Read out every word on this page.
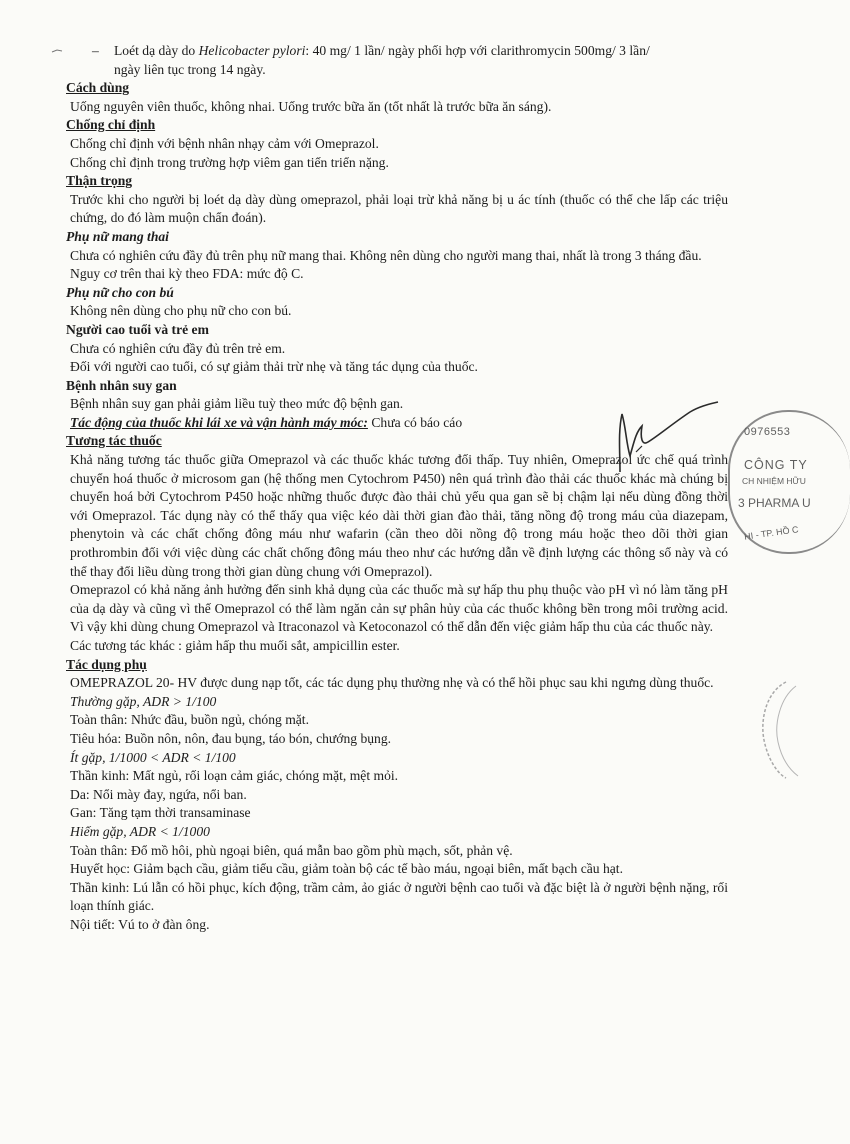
–	Loét dạ dày do Helicobacter pylori: 40 mg/ 1 lần/ ngày phối hợp với clarithromycin 500mg/ 3 lần/
ngày liên tục trong 14 ngày.

Cách dùng

Uống nguyên viên thuốc, không nhai. Uống trước bữa ăn (tốt nhất là trước bữa ăn sáng).

Chống chỉ định

Chống chỉ định với bệnh nhân nhạy cảm với Omeprazol.

Chống chỉ định trong trường hợp viêm gan tiến triển nặng.

Thận trọng

Trước khi cho người bị loét dạ dày dùng omeprazol, phải loại trừ khả năng bị u ác tính (thuốc có thể che lấp các triệu chứng, do đó làm muộn chẩn đoán).

Phụ nữ mang thai

Chưa có nghiên cứu đầy đủ trên phụ nữ mang thai. Không nên dùng cho người mang thai, nhất là trong 3 tháng đầu.

Nguy cơ trên thai kỳ theo FDA: mức độ C.

Phụ nữ cho con bú

Không nên dùng cho phụ nữ cho con bú.

Người cao tuổi và trẻ em

Chưa có nghiên cứu đầy đủ trên trẻ em.

Đối với người cao tuổi, có sự giảm thải trừ nhẹ và tăng tác dụng của thuốc.

Bệnh nhân suy gan

Bệnh nhân suy gan phải giảm liều tuỳ theo mức độ bệnh gan.

Tác động của thuốc khi lái xe và vận hành máy móc: Chưa có báo cáo

Tương tác thuốc

Khả năng tương tác thuốc giữa Omeprazol và các thuốc khác tương đối thấp. Tuy nhiên, Omeprazol ức chế quá trình chuyển hoá thuốc ở microsom gan (hệ thống men Cytochrom P450) nên quá trình đào thải các thuốc khác mà chúng bị chuyển hoá bởi Cytochrom P450 hoặc những thuốc được đào thải chủ yếu qua gan sẽ bị chậm lại nếu dùng đồng thời với Omeprazol. Tác dụng này có thể thấy qua việc kéo dài thời gian đào thải, tăng nồng độ trong máu của diazepam, phenytoin và các chất chống đông máu như wafarin (cần theo dõi nồng độ trong máu hoặc theo dõi thời gian prothrombin đối với việc dùng các chất chống đông máu theo như các hướng dẫn về định lượng các thông số này và có thể thay đổi liều dùng trong thời gian dùng chung với Omeprazol).

Omeprazol có khả năng ảnh hưởng đến sinh khả dụng của các thuốc mà sự hấp thu phụ thuộc vào pH vì nó làm tăng pH của dạ dày và cũng vì thế Omeprazol có thể làm ngăn cản sự phân hủy của các thuốc không bền trong môi trường acid. Vì vậy khi dùng chung Omeprazol và Itraconazol và Ketoconazol có thể dẫn đến việc giảm hấp thu của các thuốc này.

Các tương tác khác : giảm hấp thu muối sắt, ampicillin ester.

Tác dụng phụ

OMEPRAZOL 20- HV được dung nạp tốt, các tác dụng phụ thường nhẹ và có thể hồi phục sau khi ngưng dùng thuốc.

Thường gặp, ADR > 1/100

Toàn thân: Nhức đầu, buồn ngủ, chóng mặt.

Tiêu hóa: Buồn nôn, nôn, đau bụng, táo bón, chướng bụng.

Ít gặp, 1/1000 < ADR < 1/100

Thần kinh: Mất ngủ, rối loạn cảm giác, chóng mặt, mệt mỏi.

Da: Nổi mày đay, ngứa, nổi ban.

Gan: Tăng tạm thời transaminase

Hiếm gặp, ADR < 1/1000

Toàn thân: Đổ mồ hôi, phù ngoại biên, quá mẫn bao gồm phù mạch, sốt, phản vệ.

Huyết học: Giảm bạch cầu, giảm tiểu cầu, giảm toàn bộ các tế bào máu, ngoại biên, mất bạch cầu hạt.

Thần kinh: Lú lẫn có hồi phục, kích động, trầm cảm, ảo giác ở người bệnh cao tuổi và đặc biệt là ở người bệnh nặng, rối loạn thính giác.

Nội tiết: Vú to ở đàn ông.

0976553
CÔNG TY
CH NHIỆM HỮU
3 PHARMA U
HI - TP. HỒ C
